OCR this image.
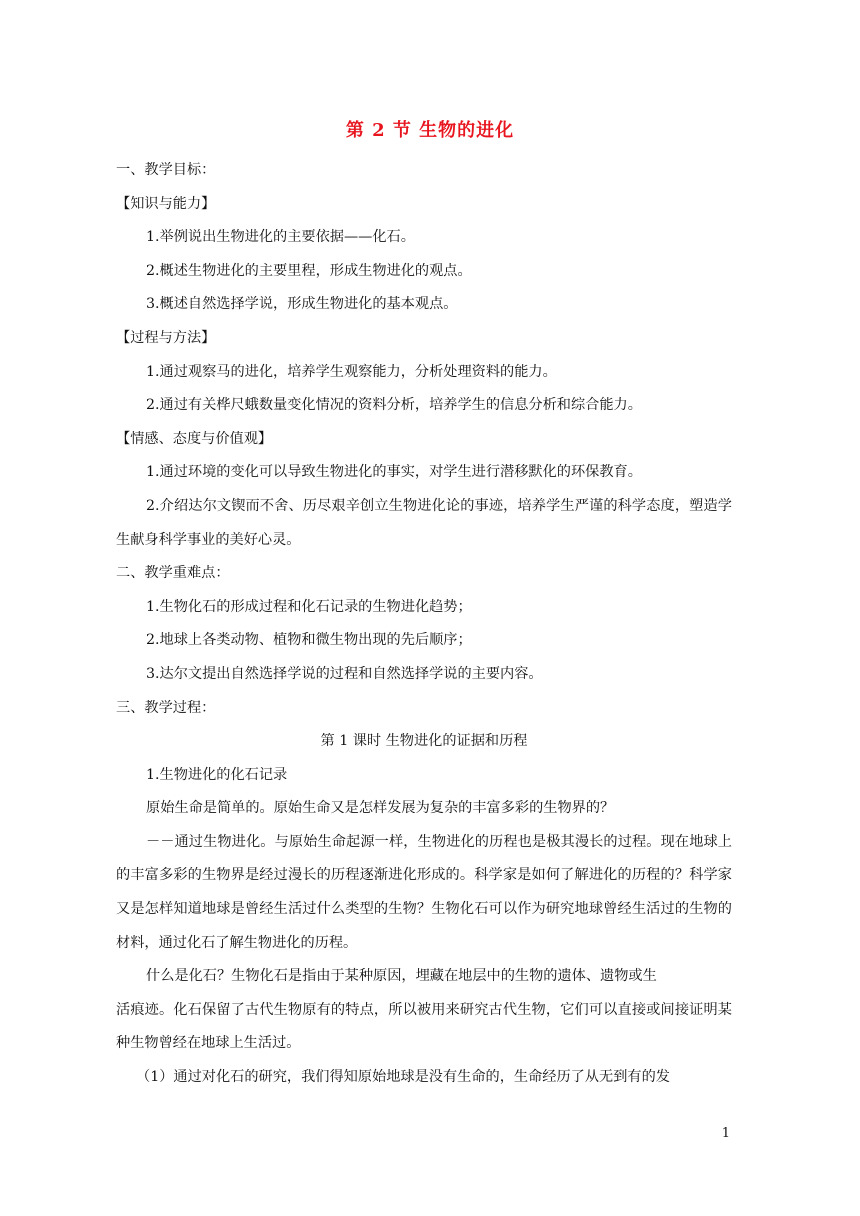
第 2 节 生物的进化

一、教学目标：

【知识与能力】

1.举例说出生物进化的主要依据——化石。

2.概述生物进化的主要里程，形成生物进化的观点。

3.概述自然选择学说，形成生物进化的基本观点。

【过程与方法】

1.通过观察马的进化，培养学生观察能力，分析处理资料的能力。

2.通过有关桦尺蛾数量变化情况的资料分析，培养学生的信息分析和综合能力。

【情感、态度与价值观】

1.通过环境的变化可以导致生物进化的事实，对学生进行潜移默化的环保教育。

2.介绍达尔文锲而不舍、历尽艰辛创立生物进化论的事迹，培养学生严谨的科学态度，塑造学生献身科学事业的美好心灵。

二、教学重难点：

1.生物化石的形成过程和化石记录的生物进化趋势；

2.地球上各类动物、植物和微生物出现的先后顺序；

3.达尔文提出自然选择学说的过程和自然选择学说的主要内容。

三、教学过程：

第 1 课时 生物进化的证据和历程

1.生物进化的化石记录

原始生命是简单的。原始生命又是怎样发展为复杂的丰富多彩的生物界的？

－－通过生物进化。与原始生命起源一样，生物进化的历程也是极其漫长的过程。现在地球上的丰富多彩的生物界是经过漫长的历程逐渐进化形成的。科学家是如何了解进化的历程的？科学家又是怎样知道地球是曾经生活过什么类型的生物？生物化石可以作为研究地球曾经生活过的生物的材料，通过化石了解生物进化的历程。

什么是化石？生物化石是指由于某种原因，埋藏在地层中的生物的遗体、遗物或生

活痕迹。化石保留了古代生物原有的特点，所以被用来研究古代生物，它们可以直接或间接证明某种生物曾经在地球上生活过。

（1）通过对化石的研究，我们得知原始地球是没有生命的，生命经历了从无到有的发

1
